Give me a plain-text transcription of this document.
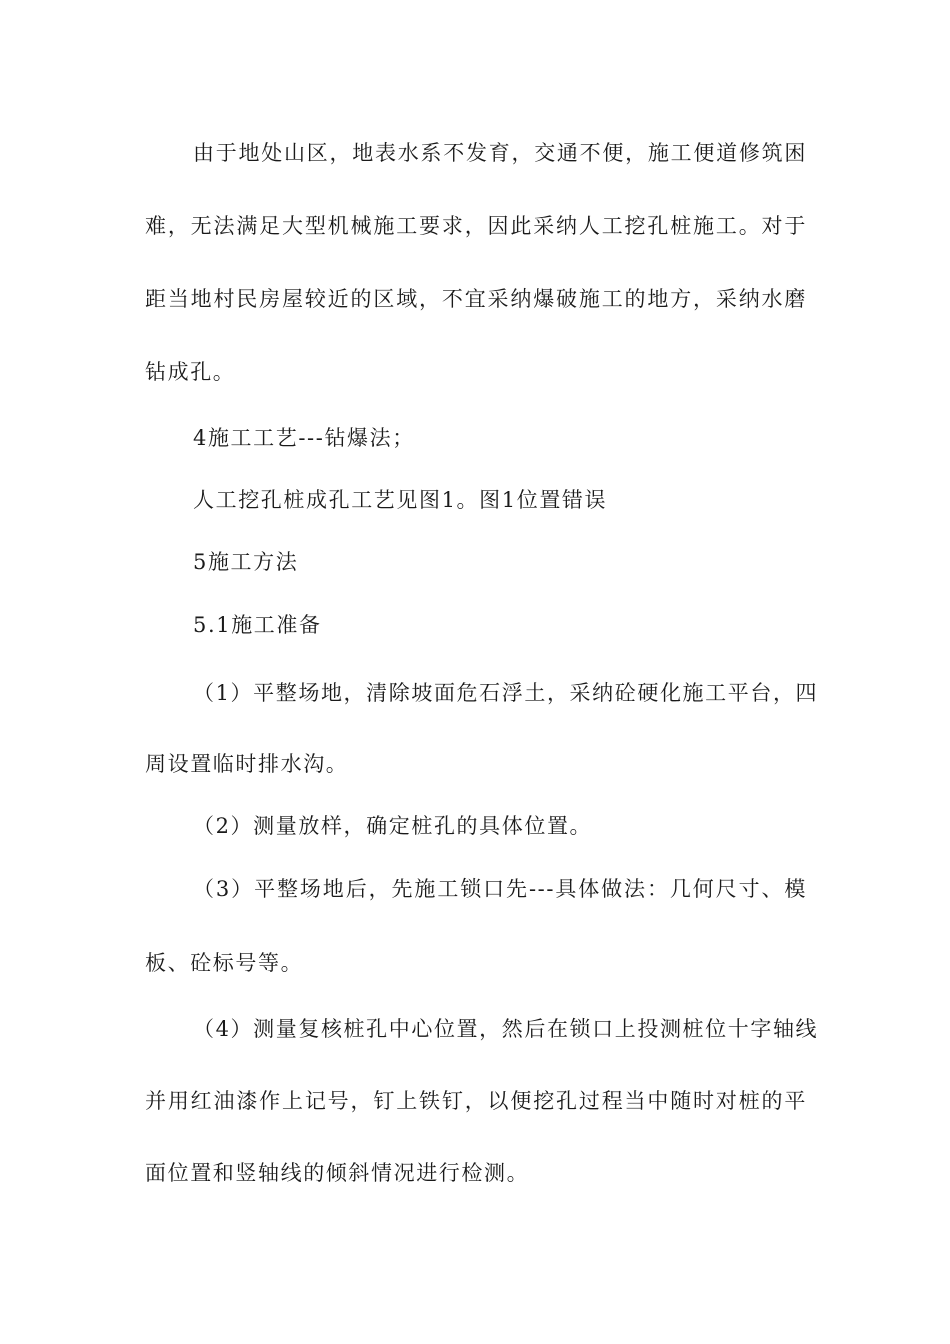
由于地处山区，地表水系不发育，交通不便，施工便道修筑困
难，无法满足大型机械施工要求，因此采纳人工挖孔桩施工。对于
距当地村民房屋较近的区域，不宜采纳爆破施工的地方，采纳水磨
钻成孔。
4施工工艺---钻爆法；
人工挖孔桩成孔工艺见图1。图1位置错误
5施工方法
5.1施工准备
（1）平整场地，清除坡面危石浮土，采纳砼硬化施工平台，四
周设置临时排水沟。
（2）测量放样，确定桩孔的具体位置。
（3）平整场地后，先施工锁口先---具体做法：几何尺寸、模
板、砼标号等。
（4）测量复核桩孔中心位置，然后在锁口上投测桩位十字轴线
并用红油漆作上记号，钉上铁钉，以便挖孔过程当中随时对桩的平
面位置和竖轴线的倾斜情况进行检测。
